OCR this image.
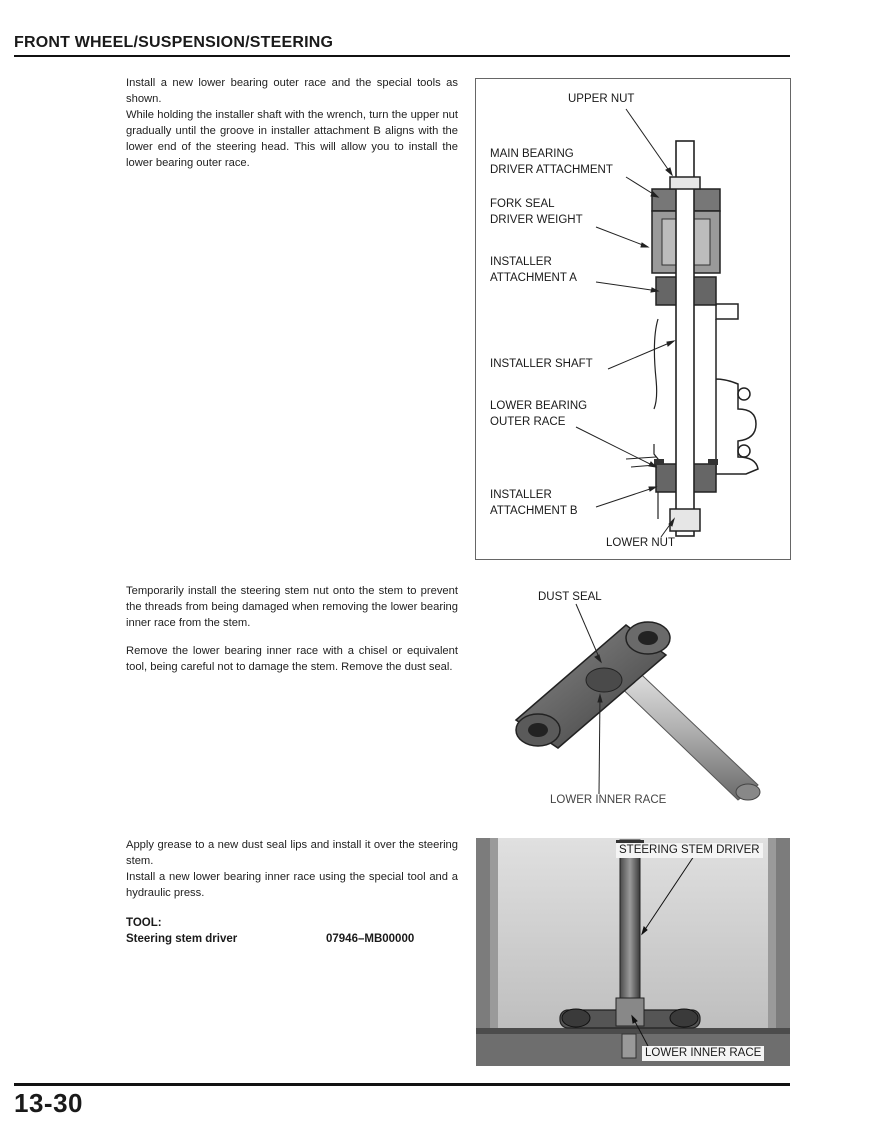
FRONT WHEEL/SUSPENSION/STEERING

Install a new lower bearing outer race and the special tools as shown.

While holding the installer shaft with the wrench, turn the upper nut gradually until the groove in installer attachment B aligns with the lower end of the steering head. This will allow you to install the lower bearing outer race.

UPPER NUT
MAIN BEARING
DRIVER ATTACHMENT
FORK SEAL
DRIVER WEIGHT
INSTALLER
ATTACHMENT A
INSTALLER SHAFT
LOWER BEARING
OUTER RACE
INSTALLER
ATTACHMENT B
LOWER NUT

Temporarily install the steering stem nut onto the stem to prevent the threads from being damaged when removing the lower bearing inner race from the stem.

Remove the lower bearing inner race with a chisel or equivalent tool, being careful not to damage the stem. Remove the dust seal.

DUST SEAL
LOWER INNER RACE

Apply grease to a new dust seal lips and install it over the steering stem.

Install a new lower bearing inner race using the special tool and a hydraulic press.

TOOL:
Steering stem driver	07946–MB00000
STEERING STEM DRIVER
LOWER INNER RACE
13-30
